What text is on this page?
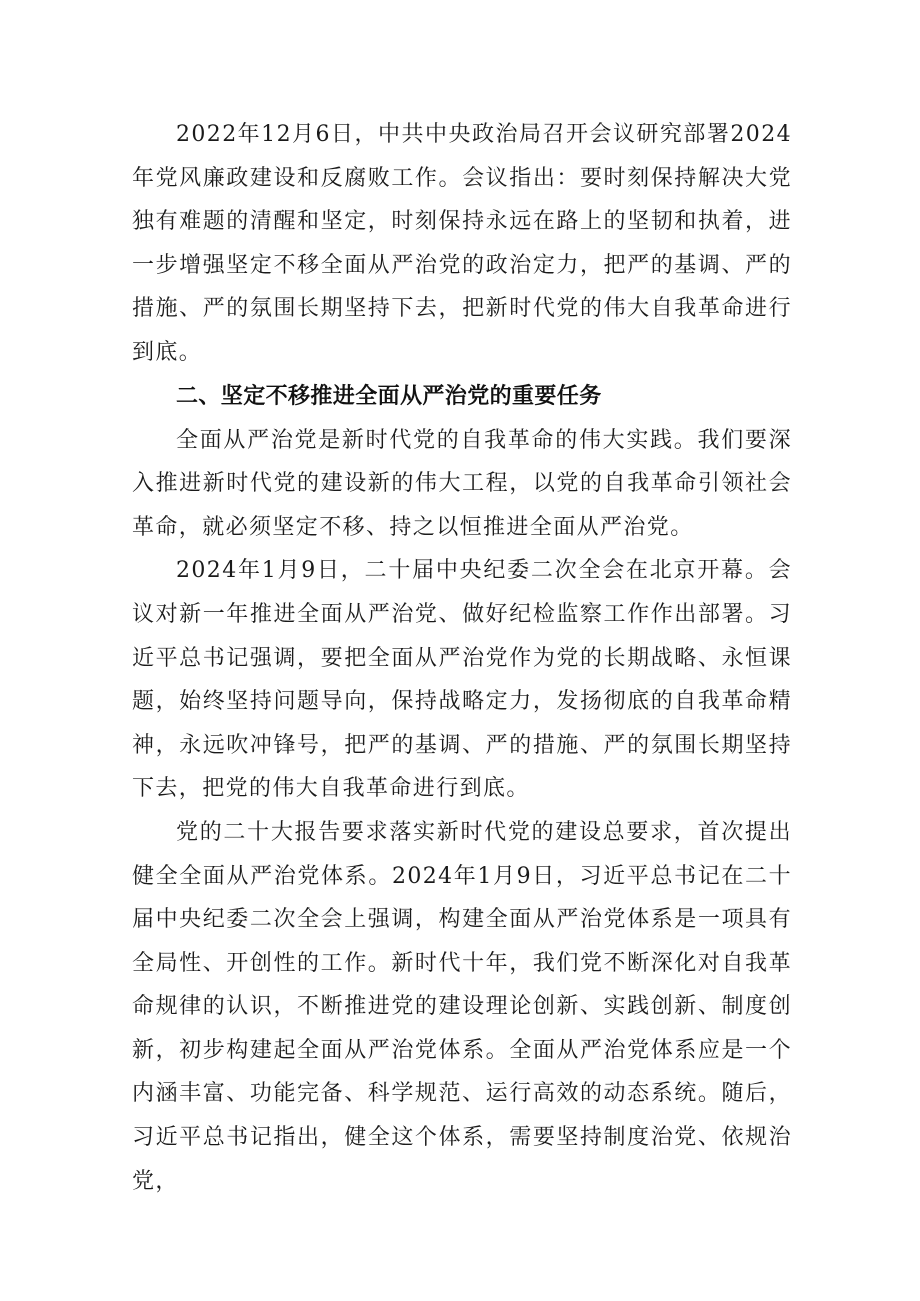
2022年12月6日，中共中央政治局召开会议研究部署2024年党风廉政建设和反腐败工作。会议指出：要时刻保持解决大党独有难题的清醒和坚定，时刻保持永远在路上的坚韧和执着，进一步增强坚定不移全面从严治党的政治定力，把严的基调、严的措施、严的氛围长期坚持下去，把新时代党的伟大自我革命进行到底。

二、坚定不移推进全面从严治党的重要任务

全面从严治党是新时代党的自我革命的伟大实践。我们要深入推进新时代党的建设新的伟大工程，以党的自我革命引领社会革命，就必须坚定不移、持之以恒推进全面从严治党。

2024年1月9日，二十届中央纪委二次全会在北京开幕。会议对新一年推进全面从严治党、做好纪检监察工作作出部署。习近平总书记强调，要把全面从严治党作为党的长期战略、永恒课题，始终坚持问题导向，保持战略定力，发扬彻底的自我革命精神，永远吹冲锋号，把严的基调、严的措施、严的氛围长期坚持下去，把党的伟大自我革命进行到底。

党的二十大报告要求落实新时代党的建设总要求，首次提出健全全面从严治党体系。2024年1月9日，习近平总书记在二十届中央纪委二次全会上强调，构建全面从严治党体系是一项具有全局性、开创性的工作。新时代十年，我们党不断深化对自我革命规律的认识，不断推进党的建设理论创新、实践创新、制度创新，初步构建起全面从严治党体系。全面从严治党体系应是一个内涵丰富、功能完备、科学规范、运行高效的动态系统。随后，习近平总书记指出，健全这个体系，需要坚持制度治党、依规治党，
